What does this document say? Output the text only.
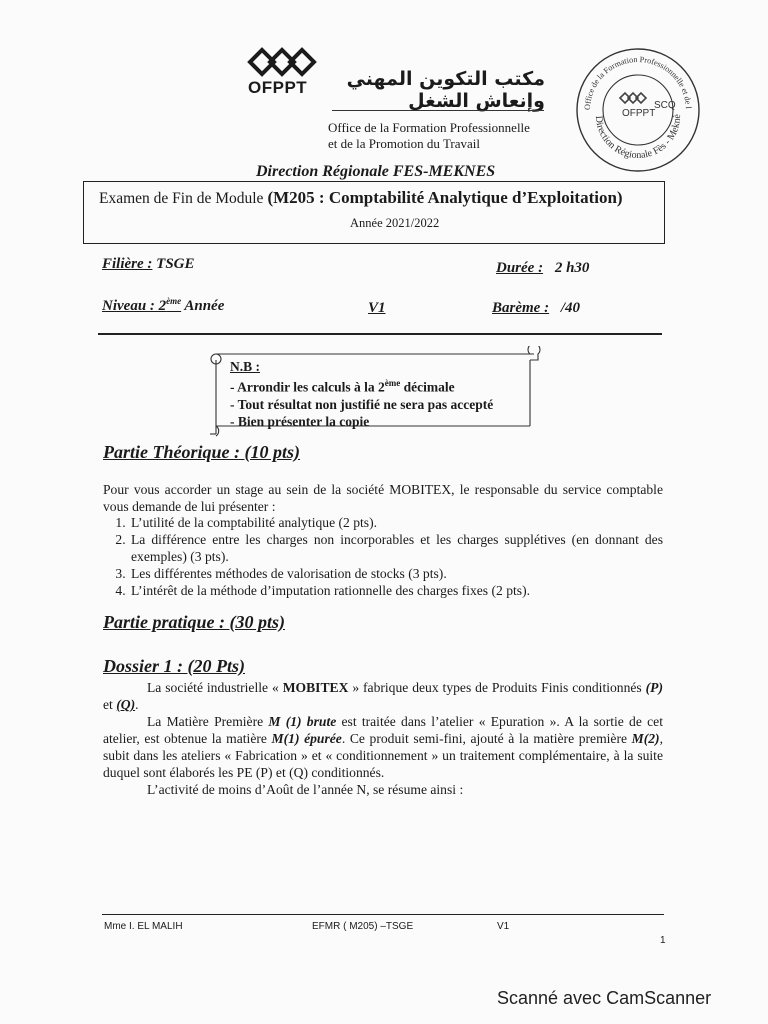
OFPPT	مكتب التكوين المهني وإنعاش الشغل
Office de la Formation Professionnelle
et de la Promotion du Travail
Direction Régionale FES-MEKNES
Office de la Formation Professionnelle et de l
Direction Régionale Fès - Meknè
OFPPT
SCQ
Examen de Fin de Module (M205 : Comptabilité Analytique d’Exploitation)
Année 2021/2022
Filière : TSGE	Durée : 2 h30
Niveau : 2ème Année	V1	Barème : /40
N.B :
- Arrondir les calculs à la 2ème décimale
- Tout résultat non justifié ne sera pas accepté
- Bien présenter la copie
Partie Théorique : (10 pts)
Pour vous accorder un stage au sein de la société MOBITEX, le responsable du service comptable vous demande de lui présenter :
1. L’utilité de la comptabilité analytique (2 pts).
2. La différence entre les charges non incorporables et les charges supplétives (en donnant des exemples) (3 pts).
3. Les différentes méthodes de valorisation de stocks (3 pts).
4. L’intérêt de la méthode d’imputation rationnelle des charges fixes (2 pts).
Partie pratique : (30 pts)
Dossier 1 : (20 Pts)
La société industrielle « MOBITEX » fabrique deux types de Produits Finis conditionnés (P) et (Q).
La Matière Première M (1) brute est traitée dans l’atelier « Epuration ». A la sortie de cet atelier, est obtenue la matière M(1) épurée. Ce produit semi-fini, ajouté à la matière première M(2), subit dans les ateliers « Fabrication » et « conditionnement » un traitement complémentaire, à la suite duquel sont élaborés les PE (P) et (Q) conditionnés.
L’activité de moins d’Août de l’année N, se résume ainsi :
Mme I. EL MALIH	EFMR ( M205) –TSGE	V1
1
Scanné avec CamScanner
